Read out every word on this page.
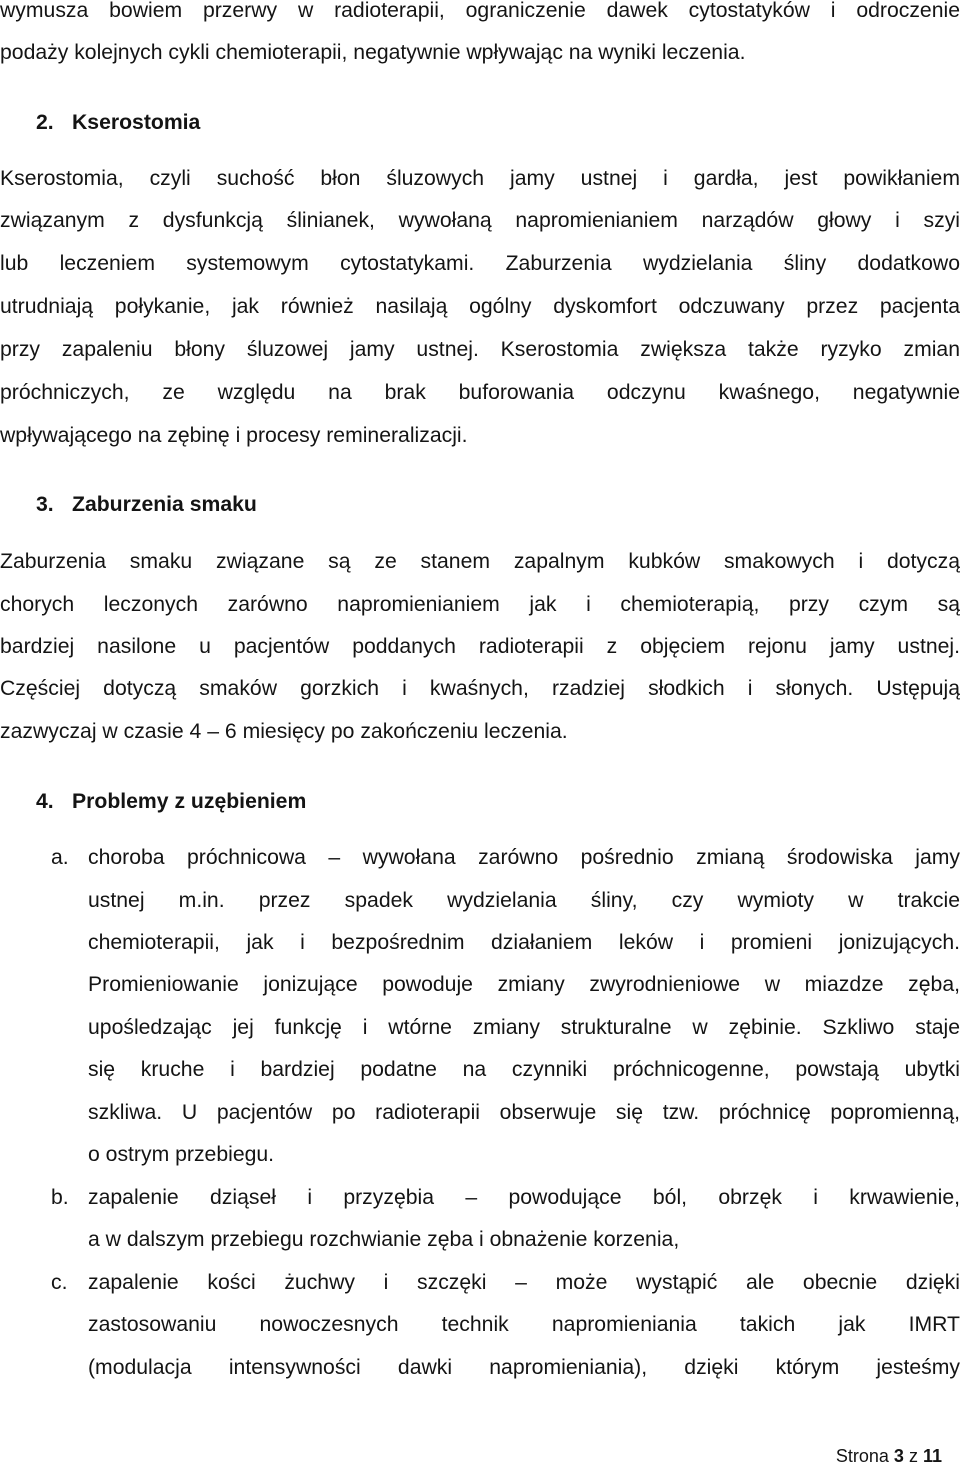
wymusza bowiem przerwy w radioterapii, ograniczenie dawek cytostatyków i odroczenie
podaży kolejnych cykli chemioterapii, negatywnie wpływając na wyniki leczenia.
2. Kserostomia
Kserostomia, czyli suchość błon śluzowych jamy ustnej i gardła, jest powikłaniem
związanym z dysfunkcją ślinianek, wywołaną napromienianiem narządów głowy i szyi
lub leczeniem systemowym cytostatykami. Zaburzenia wydzielania śliny dodatkowo
utrudniają połykanie, jak również nasilają ogólny dyskomfort odczuwany przez pacjenta
przy zapaleniu błony śluzowej jamy ustnej. Kserostomia zwiększa także ryzyko zmian
próchniczych, ze względu na brak buforowania odczynu kwaśnego, negatywnie
wpływającego na zębinę i procesy remineralizacji.
3. Zaburzenia smaku
Zaburzenia smaku związane są ze stanem zapalnym kubków smakowych i dotyczą
chorych leczonych zarówno napromienianiem jak i chemioterapią, przy czym są
bardziej nasilone u pacjentów poddanych radioterapii z objęciem rejonu jamy ustnej.
Częściej dotyczą smaków gorzkich i kwaśnych, rzadziej słodkich i słonych. Ustępują
zazwyczaj w czasie 4 – 6 miesięcy po zakończeniu leczenia.
4. Problemy z uzębieniem
a. choroba próchnicowa – wywołana zarówno pośrednio zmianą środowiska jamy
ustnej m.in. przez spadek wydzielania śliny, czy wymioty w trakcie
chemioterapii, jak i bezpośrednim działaniem leków i promieni jonizujących.
Promieniowanie jonizujące powoduje zmiany zwyrodnieniowe w miazdze zęba,
upośledzając jej funkcję i wtórne zmiany strukturalne w zębinie. Szkliwo staje
się kruche i bardziej podatne na czynniki próchnicogenne, powstają ubytki
szkliwa. U pacjentów po radioterapii obserwuje się tzw. próchnicę popromienną,
o ostrym przebiegu.
b. zapalenie dziąseł i przyzębia – powodujące ból, obrzęk i krwawienie,
a w dalszym przebiegu rozchwianie zęba i obnażenie korzenia,
c. zapalenie kości żuchwy i szczęki – może wystąpić ale obecnie dzięki
zastosowaniu nowoczesnych technik napromieniania takich jak IMRT
(modulacja intensywności dawki napromieniania), dzięki którym jesteśmy
Strona 3 z 11
